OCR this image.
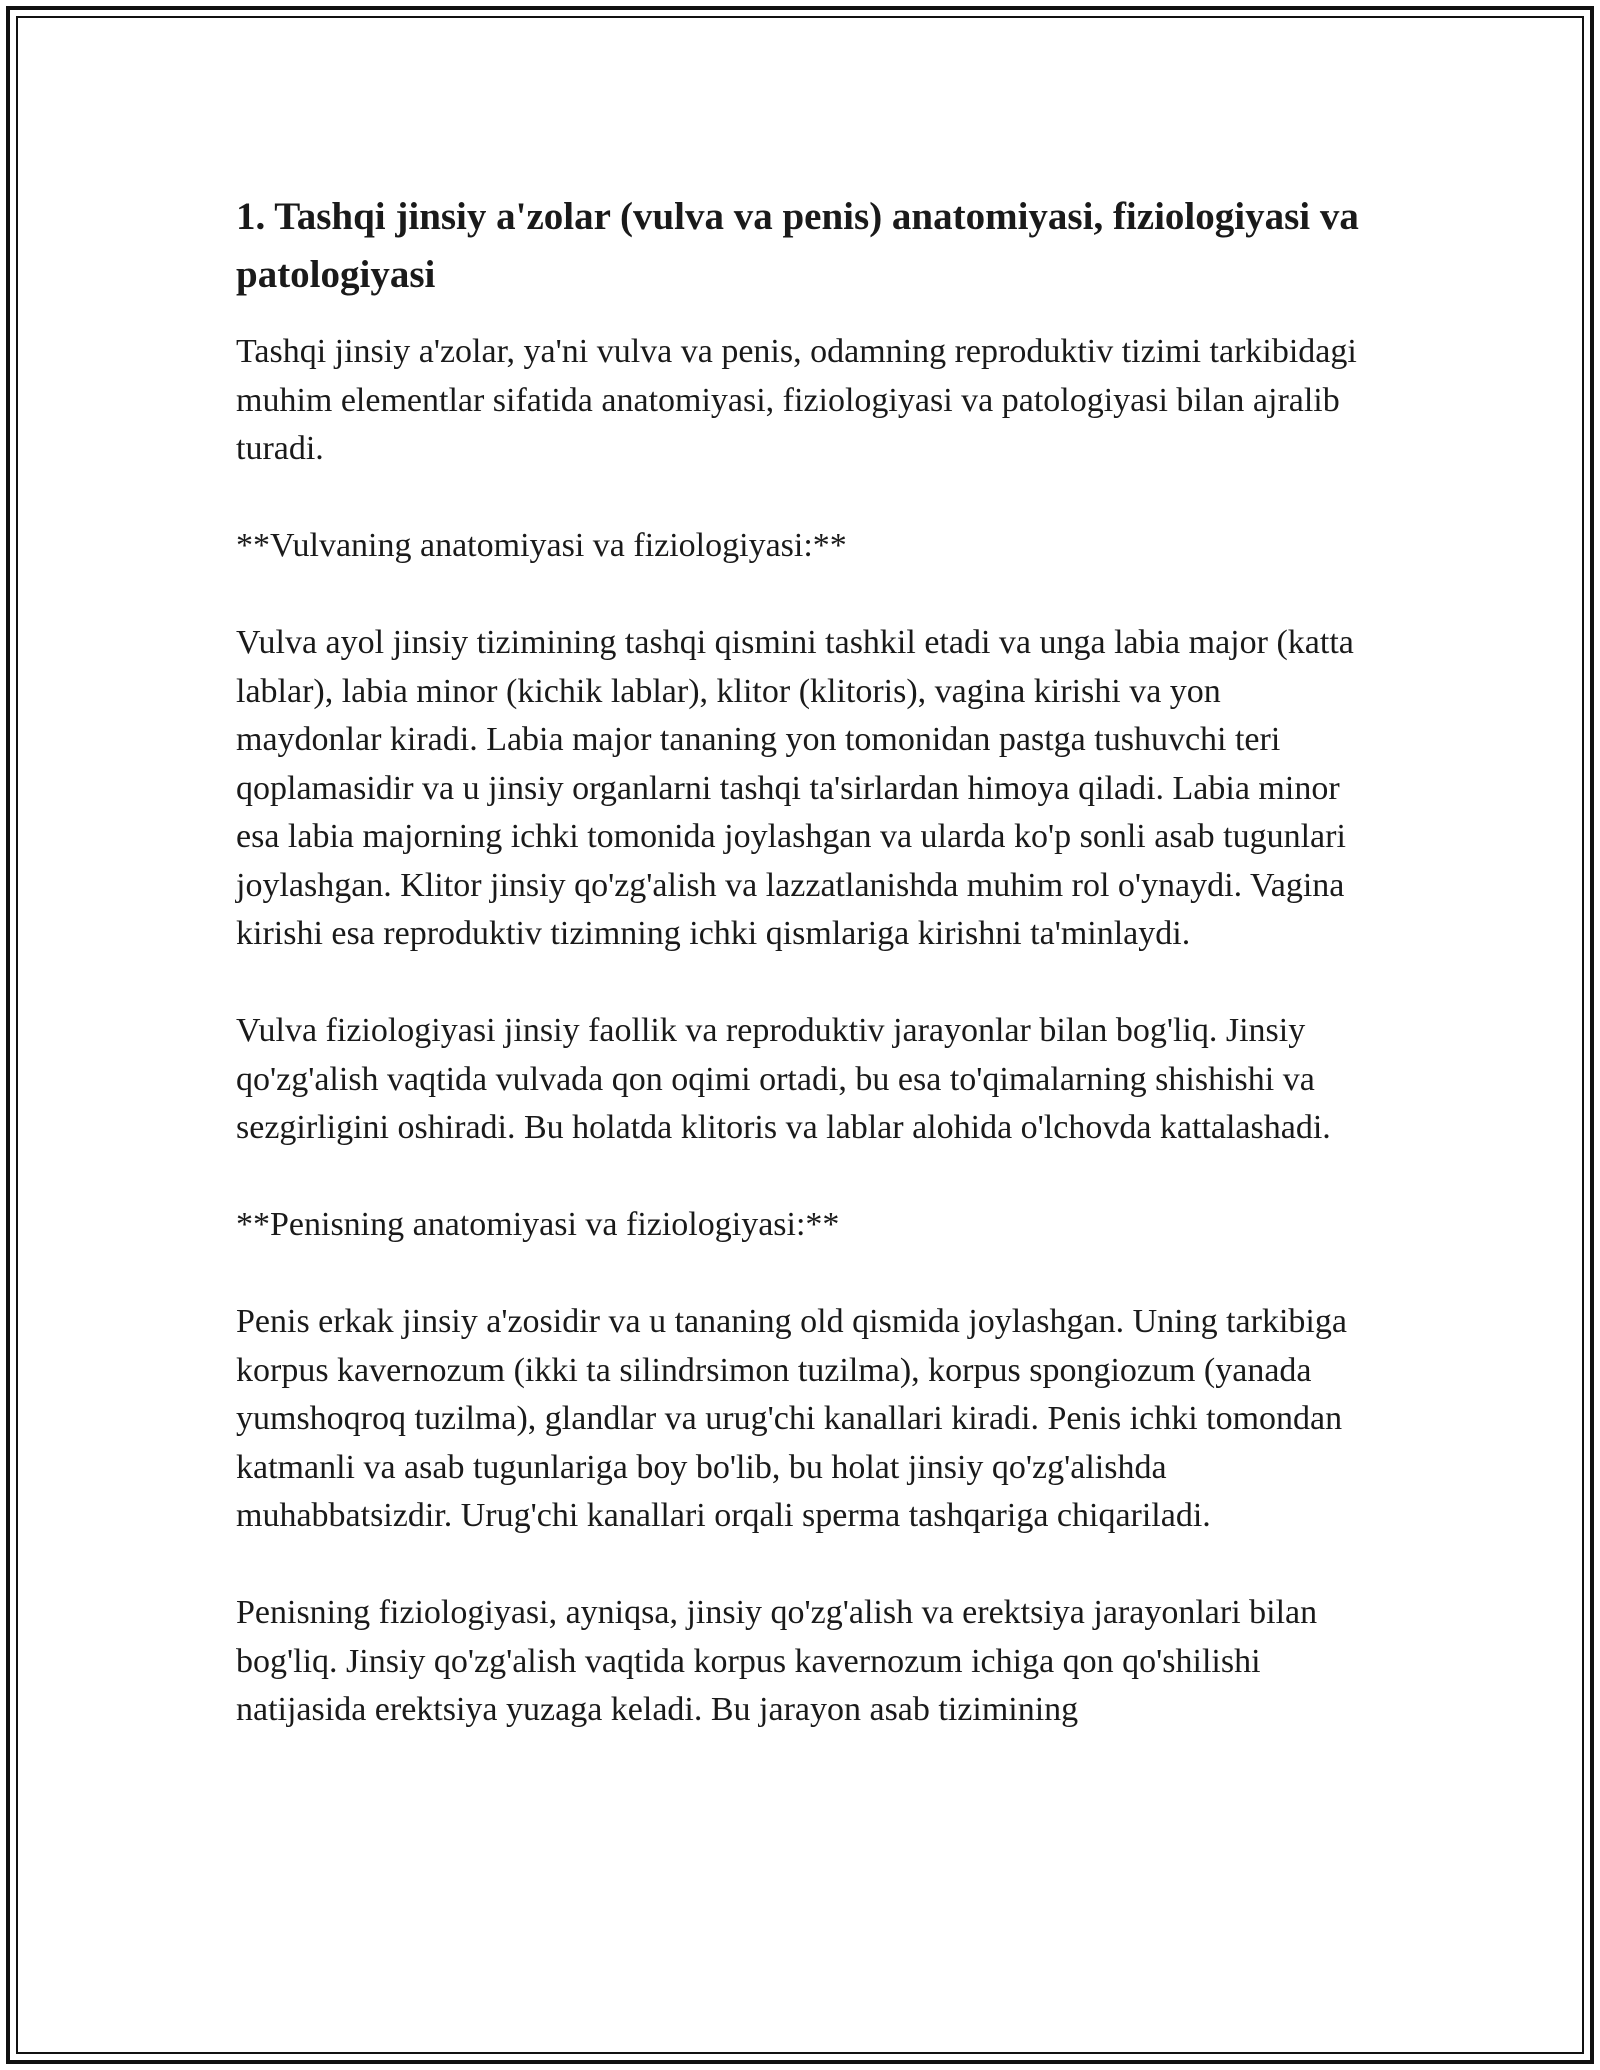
1. Tashqi jinsiy a'zolar (vulva va penis) anatomiyasi, fiziologiyasi va patologiyasi

Tashqi jinsiy a'zolar, ya'ni vulva va penis, odamning reproduktiv tizimi tarkibidagi muhim elementlar sifatida anatomiyasi, fiziologiyasi va patologiyasi bilan ajralib turadi.

**Vulvaning anatomiyasi va fiziologiyasi:**

Vulva ayol jinsiy tizimining tashqi qismini tashkil etadi va unga labia major (katta lablar), labia minor (kichik lablar), klitor (klitoris), vagina kirishi va yon maydonlar kiradi. Labia major tananing yon tomonidan pastga tushuvchi teri qoplamasidir va u jinsiy organlarni tashqi ta'sirlardan himoya qiladi. Labia minor esa labia majorning ichki tomonida joylashgan va ularda ko'p sonli asab tugunlari joylashgan. Klitor jinsiy qo'zg'alish va lazzatlanishda muhim rol o'ynaydi. Vagina kirishi esa reproduktiv tizimning ichki qismlariga kirishni ta'minlaydi.

Vulva fiziologiyasi jinsiy faollik va reproduktiv jarayonlar bilan bog'liq. Jinsiy qo'zg'alish vaqtida vulvada qon oqimi ortadi, bu esa to'qimalarning shishishi va sezgirligini oshiradi. Bu holatda klitoris va lablar alohida o'lchovda kattalashadi.

**Penisning anatomiyasi va fiziologiyasi:**

Penis erkak jinsiy a'zosidir va u tananing old qismida joylashgan. Uning tarkibiga korpus kavernozum (ikki ta silindrsimon tuzilma), korpus spongiozum (yanada yumshoqroq tuzilma), glandlar va urug'chi kanallari kiradi. Penis ichki tomondan katmanli va asab tugunlariga boy bo'lib, bu holat jinsiy qo'zg'alishda muhabbatsizdir. Urug'chi kanallari orqali sperma tashqariga chiqariladi.

Penisning fiziologiyasi, ayniqsa, jinsiy qo'zg'alish va erektsiya jarayonlari bilan bog'liq. Jinsiy qo'zg'alish vaqtida korpus kavernozum ichiga qon qo'shilishi natijasida erektsiya yuzaga keladi. Bu jarayon asab tizimining
